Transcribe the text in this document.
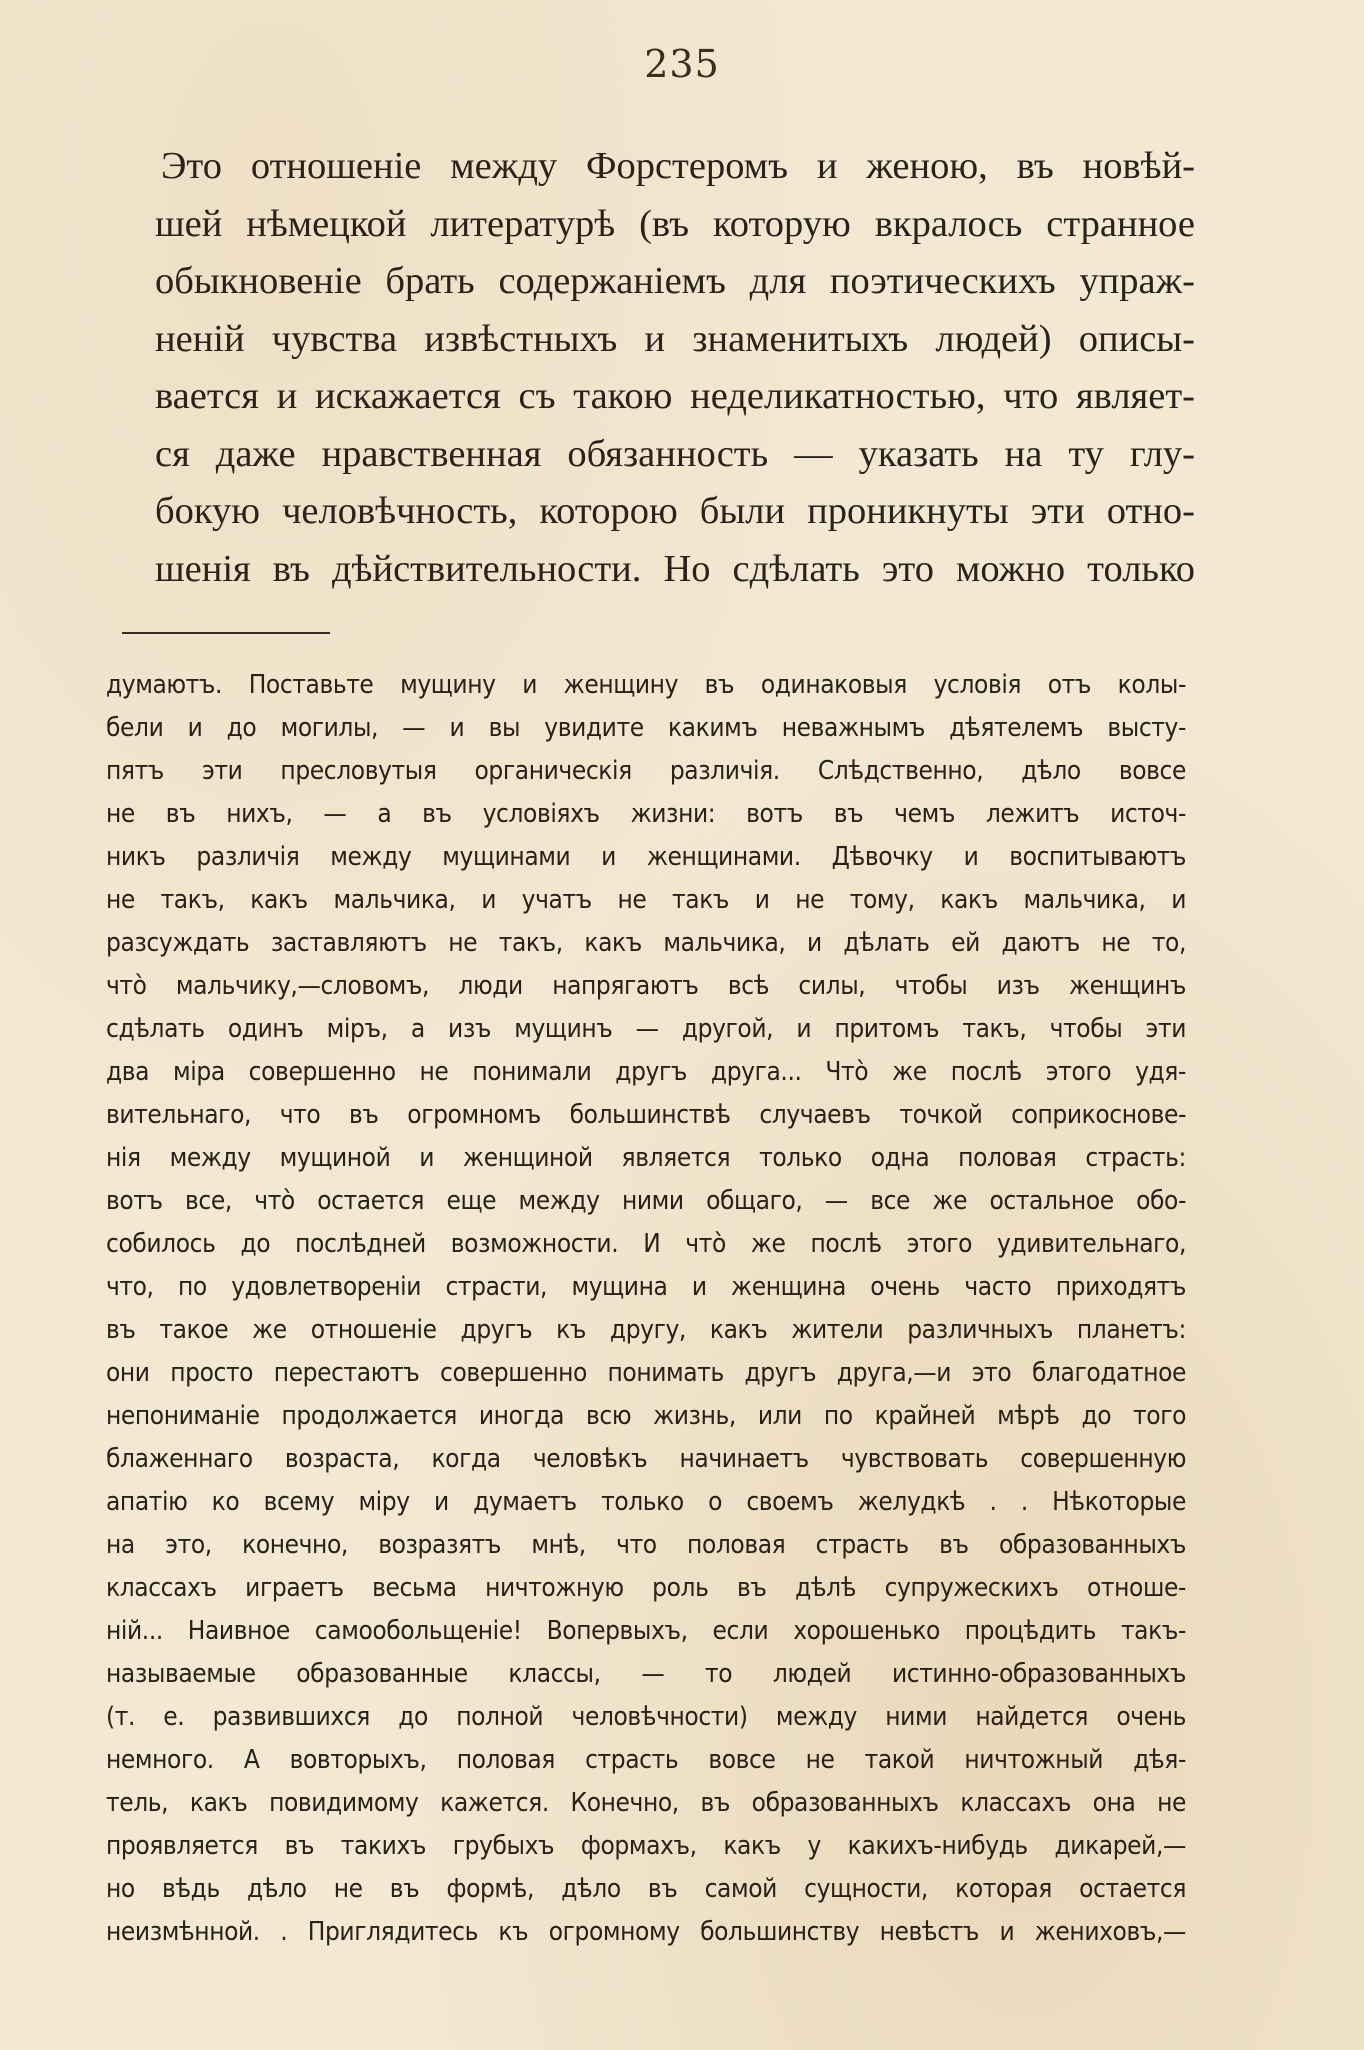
235
Это отношеніе между Форстеромъ и женою, въ новѣй-
шей нѣмецкой литературѣ (въ которую вкралось странное
обыкновеніе брать содержаніемъ для поэтическихъ упраж-
неній чувства извѣстныхъ и знаменитыхъ людей) описы-
вается и искажается съ такою неделикатностью, что являет-
ся даже нравственная обязанность — указать на ту глу-
бокую человѣчность, которою были проникнуты эти отно-
шенія въ дѣйствительности. Но сдѣлать это можно только
думаютъ. Поставьте мущину и женщину въ одинаковыя условія отъ колы-
бели и до могилы, — и вы увидите какимъ неважнымъ дѣятелемъ высту-
пятъ эти пресловутыя органическія различія. Слѣдственно, дѣло вовсе
не въ нихъ, — а въ условіяхъ жизни: вотъ въ чемъ лежитъ источ-
никъ различія между мущинами и женщинами. Дѣвочку и воспитываютъ
не такъ, какъ мальчика, и учатъ не такъ и не тому, какъ мальчика, и
разсуждать заставляютъ не такъ, какъ мальчика, и дѣлать ей даютъ не то,
что̀ мальчику,—словомъ, люди напрягаютъ всѣ силы, чтобы изъ женщинъ
сдѣлать одинъ міръ, а изъ мущинъ — другой, и притомъ такъ, чтобы эти
два міра совершенно не понимали другъ друга... Что̀ же послѣ этого удя-
вительнаго, что въ огромномъ большинствѣ случаевъ точкой соприкоснове-
нія между мущиной и женщиной является только одна половая страсть:
вотъ все, что̀ остается еще между ними общаго, — все же остальное обо-
собилось до послѣдней возможности. И что̀ же послѣ этого удивительнаго,
что, по удовлетвореніи страсти, мущина и женщина очень часто приходятъ
въ такое же отношеніе другъ къ другу, какъ жители различныхъ планетъ:
они просто перестаютъ совершенно понимать другъ друга,—и это благодатное
непониманіе продолжается иногда всю жизнь, или по крайней мѣрѣ до того
блаженнаго возраста, когда человѣкъ начинаетъ чувствовать совершенную
апатію ко всему міру и думаетъ только о своемъ желудкѣ . . Нѣкоторые
на это, конечно, возразятъ мнѣ, что половая страсть въ образованныхъ
классахъ играетъ весьма ничтожную роль въ дѣлѣ супружескихъ отноше-
ній... Наивное самообольщеніе! Вопервыхъ, если хорошенько процѣдить такъ-
называемые образованные классы, — то людей истинно-образованныхъ
(т. е. развившихся до полной человѣчности) между ними найдется очень
немного. А вовторыхъ, половая страсть вовсе не такой ничтожный дѣя-
тель, какъ повидимому кажется. Конечно, въ образованныхъ классахъ она не
проявляется въ такихъ грубыхъ формахъ, какъ у какихъ-нибудь дикарей,—
но вѣдь дѣло не въ формѣ, дѣло въ самой сущности, которая остается
неизмѣнной. . Приглядитесь къ огромному большинству невѣстъ и жениховъ,—
